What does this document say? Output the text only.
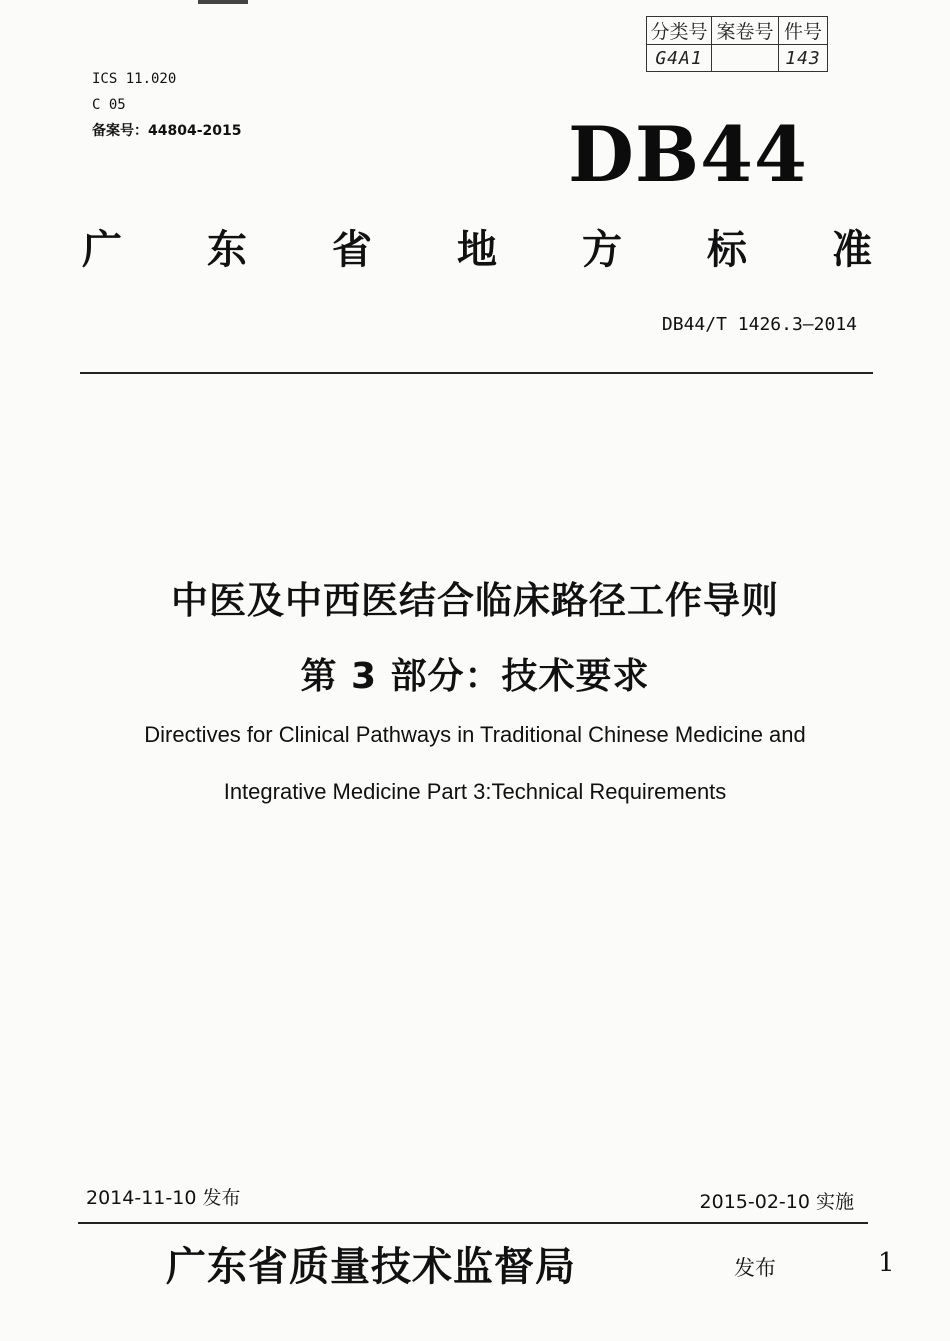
分类号	案卷号	件号
G4A1		143
ICS 11.020
C 05
备案号：44804-2015	DB44
广 东 省 地 方 标 准
DB44/T 1426.3—2014
中医及中西医结合临床路径工作导则
第 3 部分：技术要求
Directives for Clinical Pathways in Traditional Chinese Medicine and
Integrative Medicine Part 3:Technical Requirements
2014-11-10 发布	2015-02-10 实施
广东省质量技术监督局	发布	1
